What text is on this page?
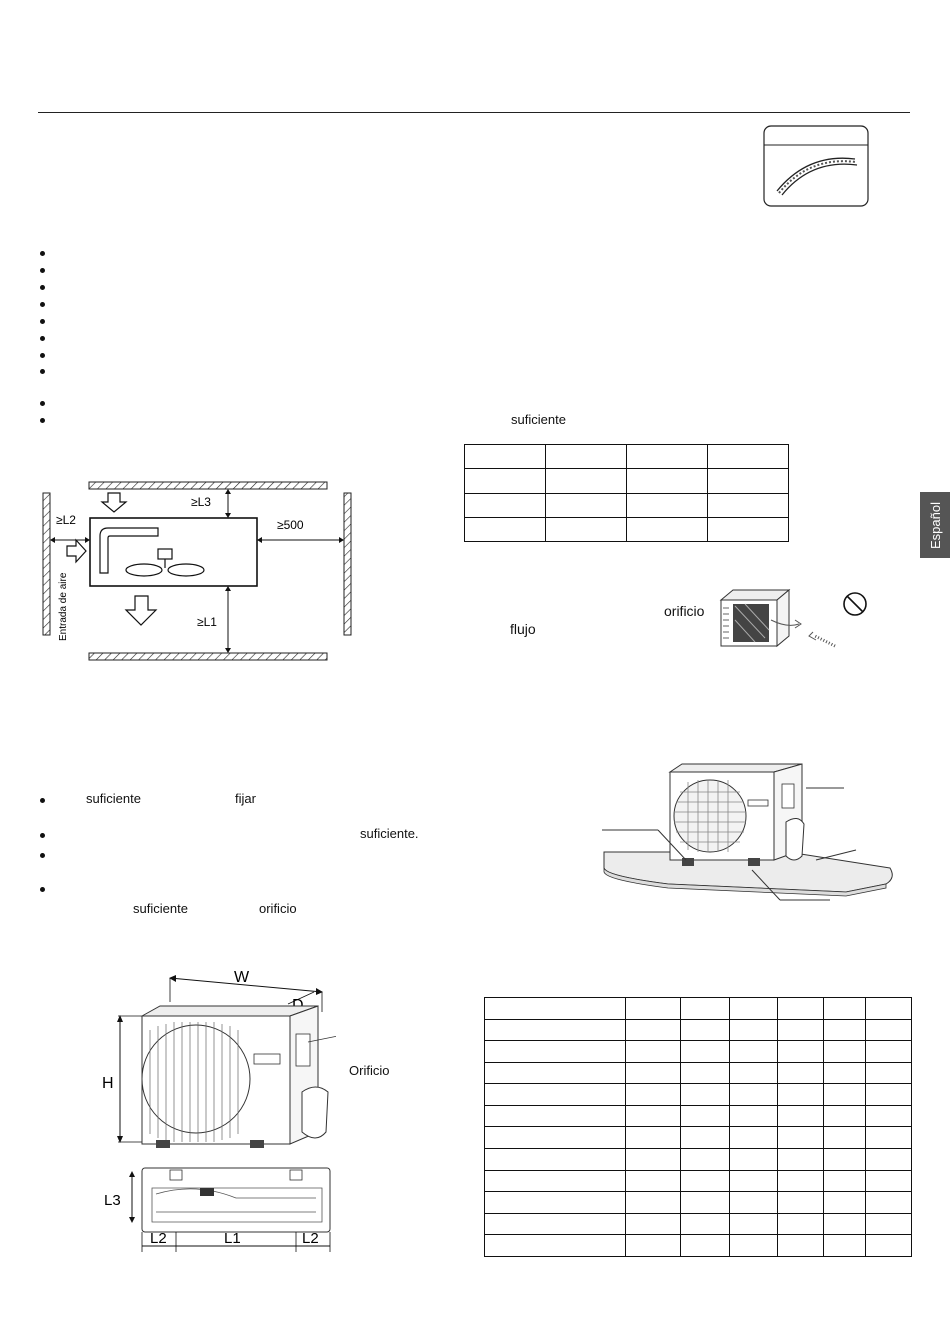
suficiente

≥L3
≥L2	≥500
≥L1
Entrada de aire	orificio
flujo
Español
suficiente	fijar
suficiente.
suficiente	orificio
W
H
L3
L2	L1	L2
Orificio
